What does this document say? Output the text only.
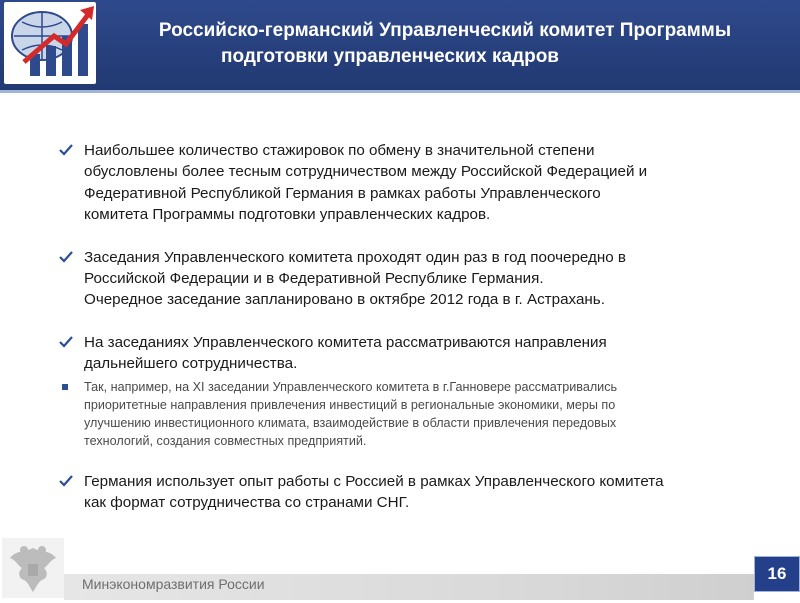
Российско-германский Управленческий комитет Программы

подготовки управленческих кадров
Наибольшее количество стажировок по обмену в значительной степени
обусловлены более тесным сотрудничеством между Российской Федерацией и
Федеративной Республикой Германия в рамках работы Управленческого
комитета Программы подготовки управленческих кадров.
Заседания Управленческого комитета проходят один раз в год поочередно в
Российской Федерации и в Федеративной Республике Германия.
Очередное заседание запланировано в октябре 2012 года в г. Астрахань.
На заседаниях Управленческого комитета рассматриваются направления
дальнейшего сотрудничества.
Так, например, на XI заседании Управленческого комитета в г.Ганновере рассматривались
приоритетные направления привлечения инвестиций в региональные экономики, меры по
улучшению инвестиционного климата, взаимодействие в области привлечения передовых
технологий, создания совместных предприятий.
Германия использует опыт работы с Россией в рамках Управленческого комитета
как формат сотрудничества со странами СНГ.
Минэкономразвития России
16
